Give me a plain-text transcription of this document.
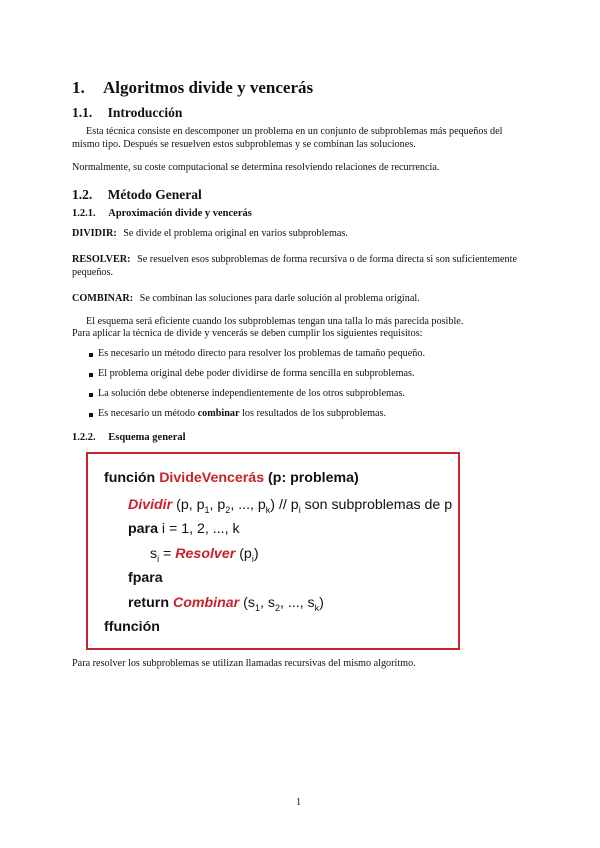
1. Algoritmos divide y vencerás
1.1. Introducción
Esta técnica consiste en descomponer un problema en un conjunto de subproblemas más pequeños del
mismo tipo. Después se resuelven estos subproblemas y se combinan las soluciones.
Normalmente, su coste computacional se determina resolviendo relaciones de recurrencia.
1.2. Método General
1.2.1. Aproximación divide y vencerás
DIVIDIR: Se divide el problema original en varios subproblemas.
RESOLVER: Se resuelven esos subproblemas de forma recursiva o de forma directa si son suficientemente
pequeños.
COMBINAR: Se combinan las soluciones para darle solución al problema original.
El esquema será eficiente cuando los subproblemas tengan una talla lo más parecida posible.
Para aplicar la técnica de divide y vencerás se deben cumplir los siguientes requisitos:
Es necesario un método directo para resolver los problemas de tamaño pequeño.
El problema original debe poder dividirse de forma sencilla en subproblemas.
La solución debe obtenerse independientemente de los otros subproblemas.
Es necesario un método combinar los resultados de los subproblemas.
1.2.2. Esquema general
función DivideVencerás (p: problema)
Dividir (p, $p_1$, $p_2$, ..., $p_k) // p_i$ son subproblemas de p
para i = 1, 2, ..., k
$s_i$ = Resolver $(p_i)$
fpara
return Combinar ($s_1$, $s_2$, ..., $s_k$)
ffunción
Para resolver los subproblemas se utilizan llamadas recursivas del mismo algoritmo.
1
